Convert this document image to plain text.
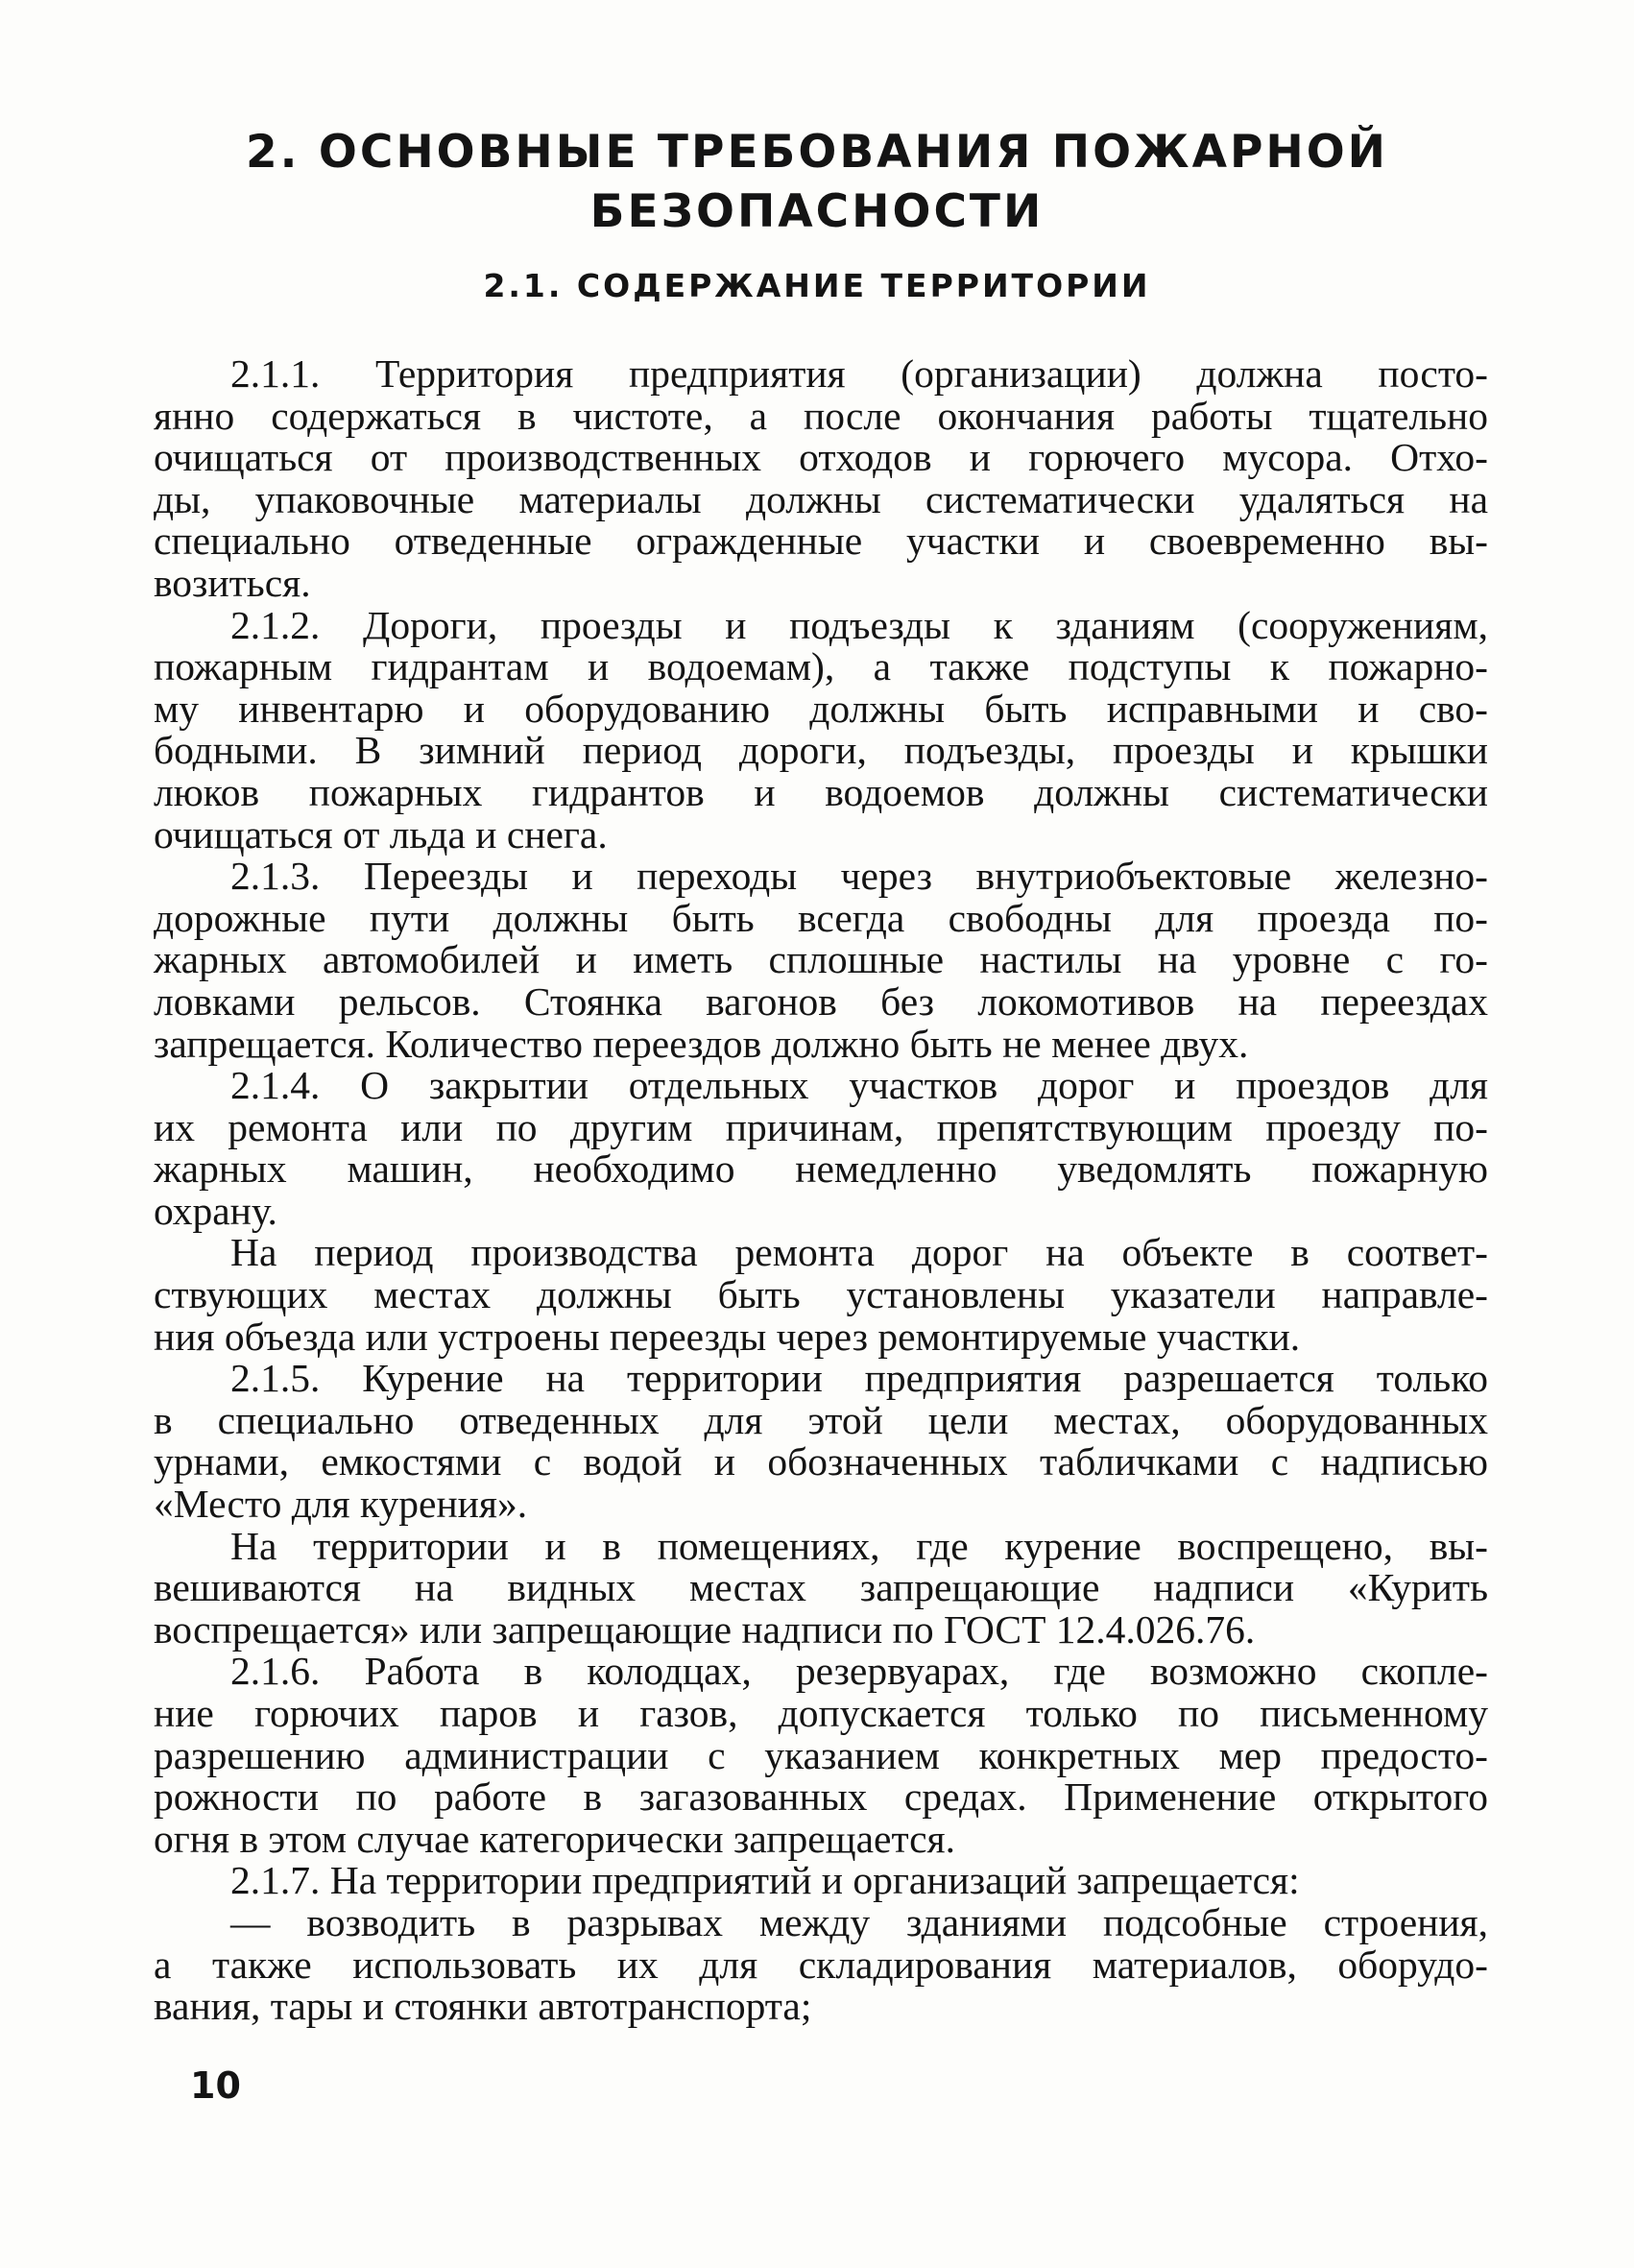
2. ОСНОВНЫЕ ТРЕБОВАНИЯ ПОЖАРНОЙ
БЕЗОПАСНОСТИ
2.1. СОДЕРЖАНИЕ ТЕРРИТОРИИ
2.1.1. Территория предприятия (организации) должна посто-
янно содержаться в чистоте, а после окончания работы тщательно
очищаться от производственных отходов и горючего мусора. Отхо-
ды, упаковочные материалы должны систематически удаляться на
специально отведенные огражденные участки и своевременно вы-
возиться.
2.1.2. Дороги, проезды и подъезды к зданиям (сооружениям,
пожарным гидрантам и водоемам), а также подступы к пожарно-
му инвентарю и оборудованию должны быть исправными и сво-
бодными. В зимний период дороги, подъезды, проезды и крышки
люков пожарных гидрантов и водоемов должны систематически
очищаться от льда и снега.
2.1.3. Переезды и переходы через внутриобъектовые железно-
дорожные пути должны быть всегда свободны для проезда по-
жарных автомобилей и иметь сплошные настилы на уровне с го-
ловками рельсов. Стоянка вагонов без локомотивов на переездах
запрещается. Количество переездов должно быть не менее двух.
2.1.4. О закрытии отдельных участков дорог и проездов для
их ремонта или по другим причинам, препятствующим проезду по-
жарных машин, необходимо немедленно уведомлять пожарную
охрану.
На период производства ремонта дорог на объекте в соответ-
ствующих местах должны быть установлены указатели направле-
ния объезда или устроены переезды через ремонтируемые участки.
2.1.5. Курение на территории предприятия разрешается только
в специально отведенных для этой цели местах, оборудованных
урнами, емкостями с водой и обозначенных табличками с надписью
«Место для курения».
На территории и в помещениях, где курение воспрещено, вы-
вешиваются на видных местах запрещающие надписи «Курить
воспрещается» или запрещающие надписи по ГОСТ 12.4.026.76.
2.1.6. Работа в колодцах, резервуарах, где возможно скопле-
ние горючих паров и газов, допускается только по письменному
разрешению администрации с указанием конкретных мер предосто-
рожности по работе в загазованных средах. Применение открытого
огня в этом случае категорически запрещается.
2.1.7. На территории предприятий и организаций запрещается:
— возводить в разрывах между зданиями подсобные строения,
а также использовать их для складирования материалов, оборудо-
вания, тары и стоянки автотранспорта;
10
